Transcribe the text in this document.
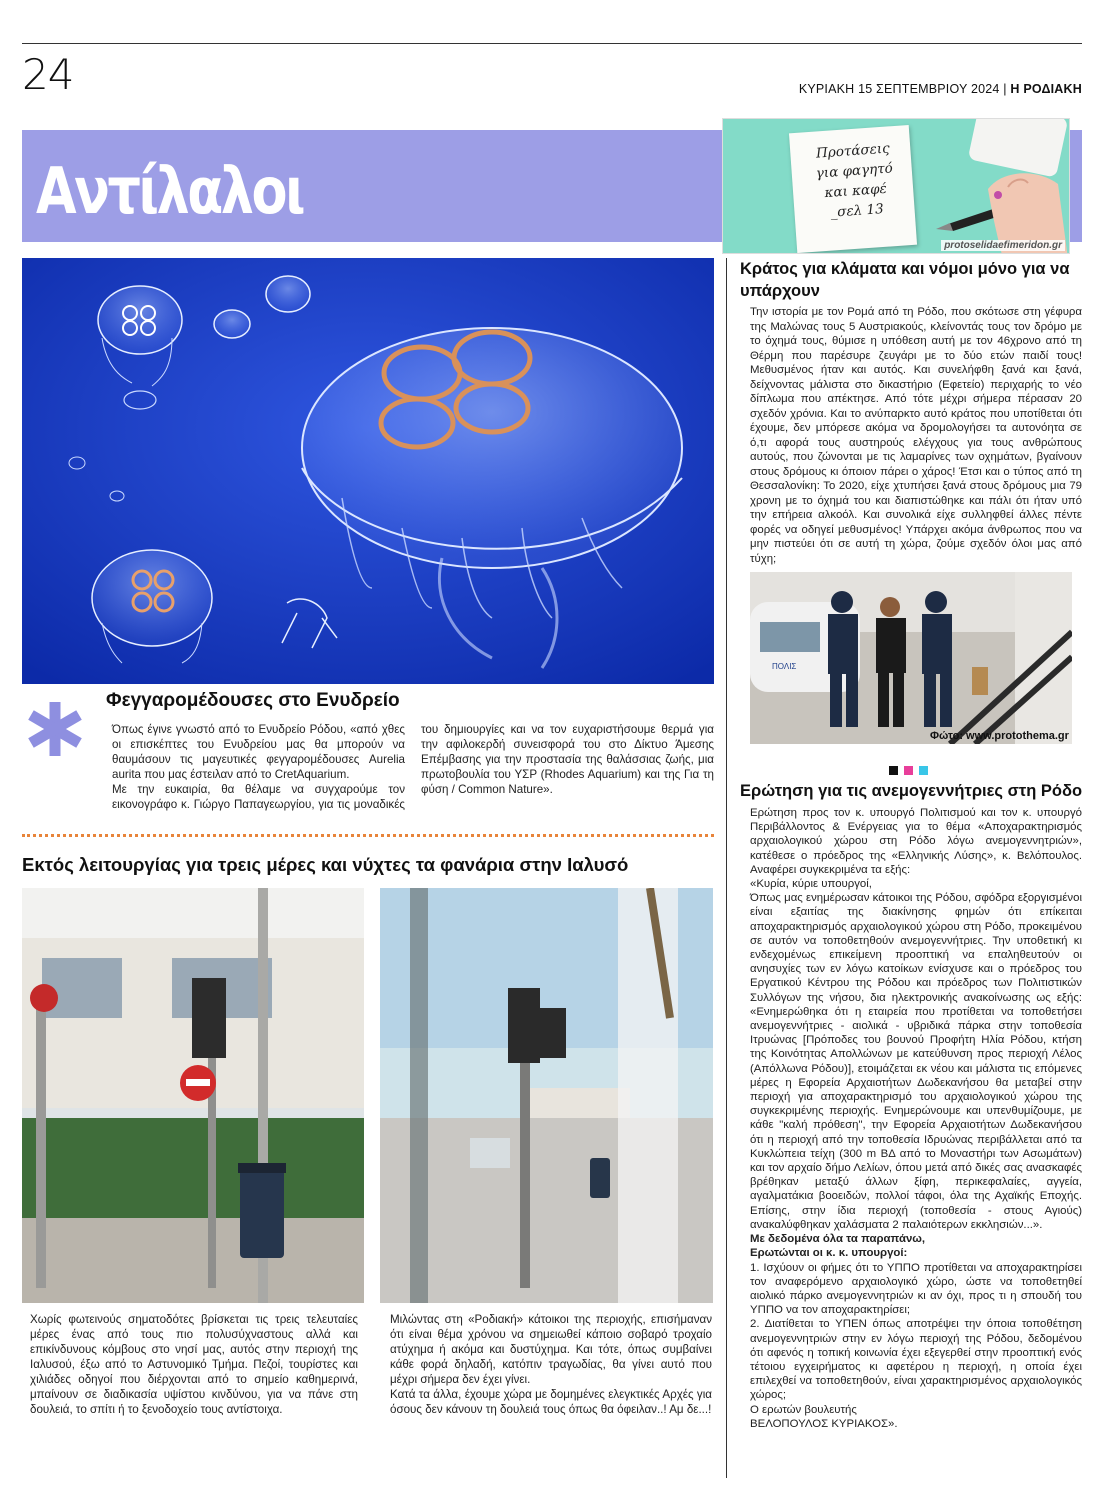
24	ΚΥΡΙΑΚΗ 15 ΣΕΠΤΕΜΒΡΙΟΥ 2024 | Η ΡΟΔΙΑΚΗ
Αντίλαλοι
Προτάσεις
για φαγητό
και καφέ
_σελ 13
protoselidaefimeridon.gr
Φεγγαρομέδουσες στο Ενυδρείο

Όπως έγινε γνωστό από το Ενυδρείο Ρόδου, «από χθες οι επισκέπτες του Ενυδρείου μας θα μπορούν να θαυμάσουν τις μαγευτικές φεγγαρομέδουσες Aurelia aurita που μας έστειλαν από το CretAquarium.

Με την ευκαιρία, θα θέλαμε να συγχαρούμε τον εικονογράφο κ. Γιώργο Παπαγεωργίου, για τις μοναδικές του δημιουργίες και να τον ευχαριστήσουμε θερμά για την αφιλοκερδή συνεισφορά του στο Δίκτυο Άμεσης Επέμβασης για την προστασία της θαλάσσιας ζωής, μια πρωτοβουλία του ΥΣΡ (Rhodes Aquarium) και της Για τη φύση / Common Nature».

Εκτός λειτουργίας για τρεις μέρες και νύχτες τα φανάρια στην Ιαλυσό
Χωρίς φωτεινούς σηματοδότες βρίσκεται τις τρεις τελευταίες μέρες ένας από τους πιο πολυσύχναστους αλλά και επικίνδυνους κόμβους στο νησί μας, αυτός στην περιοχή της Ιαλυσού, έξω από το Αστυνομικό Τμήμα. Πεζοί, τουρίστες και χιλιάδες οδηγοί που διέρχονται από το σημείο καθημερινά, μπαίνουν σε διαδικασία υψίστου κινδύνου, για να πάνε στη δουλειά, το σπίτι ή το ξενοδοχείο τους αντίστοιχα.

Μιλώντας στη «Ροδιακή» κάτοικοι της περιοχής, επισήμαναν ότι είναι θέμα χρόνου να σημειωθεί κάποιο σοβαρό τροχαίο ατύχημα ή ακόμα και δυστύχημα. Και τότε, όπως συμβαίνει κάθε φορά δηλαδή, κατόπιν τραγωδίας, θα γίνει αυτό που μέχρι σήμερα δεν έχει γίνει.

Κατά τα άλλα, έχουμε χώρα με δομημένες ελεγκτικές Αρχές για όσους δεν κάνουν τη δουλειά τους όπως θα όφειλαν..! Αμ δε...!

Κράτος για κλάματα και νόμοι μόνο για να υπάρχουν
Την ιστορία με τον Ρομά από τη Ρόδο, που σκότωσε στη γέφυρα της Μαλώνας τους 5 Αυστριακούς, κλείνοντάς τους τον δρόμο με το όχημά τους, θύμισε η υπόθεση αυτή με τον 46χρονο από τη Θέρμη που παρέσυρε ζευγάρι με το δύο ετών παιδί τους! Μεθυσμένος ήταν και αυτός. Και συνελήφθη ξανά και ξανά, δείχνοντας μάλιστα στο δικαστήριο (Εφετείο) περιχαρής το νέο δίπλωμα που απέκτησε. Από τότε μέχρι σήμερα πέρασαν 20 σχεδόν χρόνια. Και το ανύπαρκτο αυτό κράτος που υποτίθεται ότι έχουμε, δεν μπόρεσε ακόμα να δρομολογήσει τα αυτονόητα σε ό,τι αφορά τους αυστηρούς ελέγχους για τους ανθρώπους αυτούς, που ζώνονται με τις λαμαρίνες των οχημάτων, βγαίνουν στους δρόμους κι όποιον πάρει ο χάρος! Έτσι και ο τύπος από τη Θεσσαλονίκη: Το 2020, είχε χτυπήσει ξανά στους δρόμους μια 79 χρονη με το όχημά του και διαπιστώθηκε και πάλι ότι ήταν υπό την επήρεια αλκοόλ. Και συνολικά είχε συλληφθεί άλλες πέντε φορές να οδηγεί μεθυσμένος! Υπάρχει ακόμα άνθρωπος που να μην πιστεύει ότι σε αυτή τη χώρα, ζούμε σχεδόν όλοι μας από τύχη;
ΠΟΛΙΣ
Φώτο: www.protothema.gr
Ερώτηση για τις ανεμογεννήτριες στη Ρόδο

Ερώτηση προς τον κ. υπουργό Πολιτισμού και τον κ. υπουργό Περιβάλλοντος & Ενέργειας για το θέμα «Αποχαρακτηρισμός αρχαιολογικού χώρου στη Ρόδο λόγω ανεμογεννητριών», κατέθεσε ο πρόεδρος της «Ελληνικής Λύσης», κ. Βελόπουλος. Αναφέρει συγκεκριμένα τα εξής:

«Κυρία, κύριε υπουργοί,

Όπως μας ενημέρωσαν κάτοικοι της Ρόδου, σφόδρα εξοργισμένοι είναι εξαιτίας της διακίνησης φημών ότι επίκειται αποχαρακτηρισμός αρχαιολογικού χώρου στη Ρόδο, προκειμένου σε αυτόν να τοποθετηθούν ανεμογεννήτριες. Την υποθετική κι ενδεχομένως επικείμενη προοπτική να επαληθευτούν οι ανησυχίες των εν λόγω κατοίκων ενίσχυσε και ο πρόεδρος του Εργατικού Κέντρου της Ρόδου και πρόεδρος των Πολιτιστικών Συλλόγων της νήσου, δια ηλεκτρονικής ανακοίνωσης ως εξής: «Ενημερώθηκα ότι η εταιρεία που προτίθεται να τοποθετήσει ανεμογεννήτριες - αιολικά - υβριδικά πάρκα στην τοποθεσία Ιτρυώνας [Πρόποδες του βουνού Προφήτη Ηλία Ρόδου, κτήση της Κοινότητας Απολλώνων με κατεύθυνση προς περιοχή Λέλος (Απόλλωνα Ρόδου)], ετοιμάζεται εκ νέου και μάλιστα τις επόμενες μέρες η Εφορεία Αρχαιοτήτων Δωδεκανήσου θα μεταβεί στην περιοχή για αποχαρακτηρισμό του αρχαιολογικού χώρου της συγκεκριμένης περιοχής. Ενημερώνουμε και υπενθυμίζουμε, με κάθε "καλή πρόθεση", την Εφορεία Αρχαιοτήτων Δωδεκανήσου ότι η περιοχή από την τοποθεσία Ιδρυώνας περιβάλλεται από τα Κυκλώπεια τείχη (300 m ΒΔ από το Μοναστήρι των Ασωμάτων) και τον αρχαίο δήμο Λελίων, όπου μετά από δικές σας ανασκαφές βρέθηκαν μεταξύ άλλων ξίφη, περικεφαλαίες, αγγεία, αγαλματάκια βοοειδών, πολλοί τάφοι, όλα της Αχαϊκής Εποχής. Επίσης, στην ίδια περιοχή (τοποθεσία - στους Αγιούς) ανακαλύφθηκαν χαλάσματα 2 παλαιότερων εκκλησιών...».

Με δεδομένα όλα τα παραπάνω,

Ερωτώνται οι κ. κ. υπουργοί:

1. Ισχύουν οι φήμες ότι το ΥΠΠΟ προτίθεται να αποχαρακτηρίσει τον αναφερόμενο αρχαιολογικό χώρο, ώστε να τοποθετηθεί αιολικό πάρκο ανεμογεννητριών κι αν όχι, προς τι η σπουδή του ΥΠΠΟ να τον αποχαρακτηρίσει;

2. Διατίθεται το ΥΠΕΝ όπως αποτρέψει την όποια τοποθέτηση ανεμογεννητριών στην εν λόγω περιοχή της Ρόδου, δεδομένου ότι αφενός η τοπική κοινωνία έχει εξεγερθεί στην προοπτική ενός τέτοιου εγχειρήματος κι αφετέρου η περιοχή, η οποία έχει επιλεχθεί να τοποθετηθούν, είναι χαρακτηρισμένος αρχαιολογικός χώρος;

Ο ερωτών βουλευτής

ΒΕΛΟΠΟΥΛΟΣ ΚΥΡΙΑΚΟΣ».
